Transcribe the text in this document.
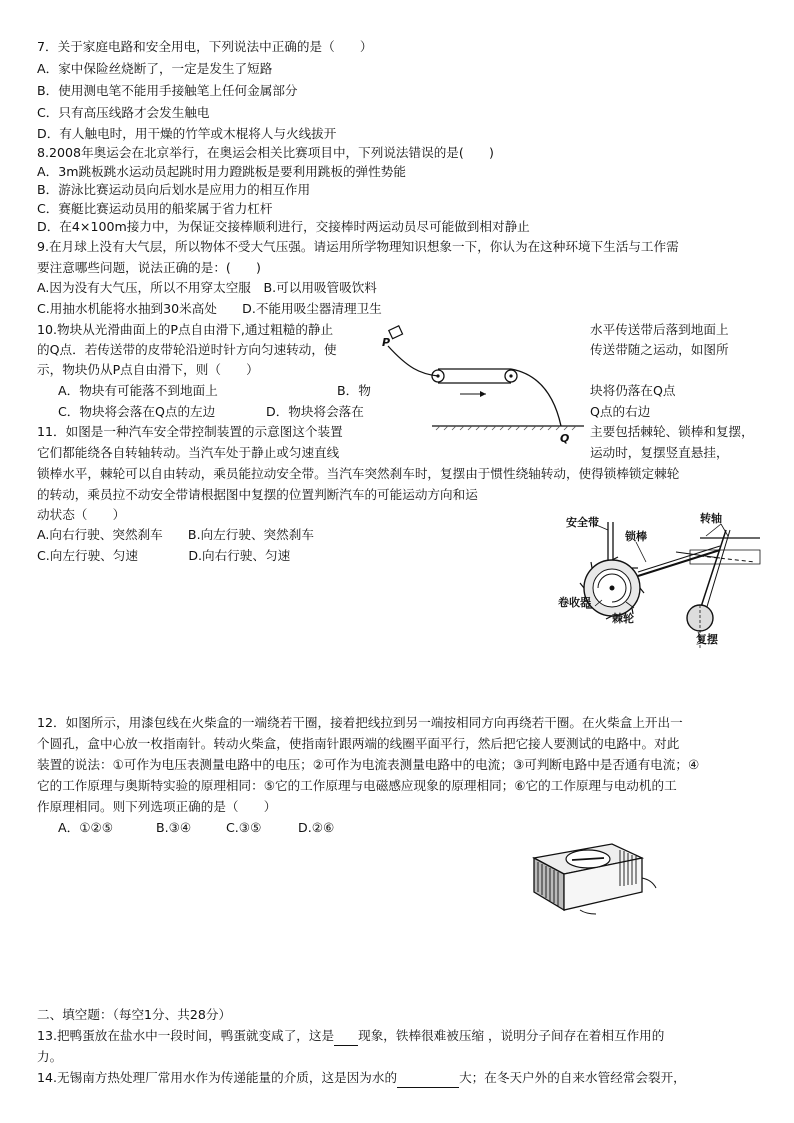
7．关于家庭电路和安全用电，下列说法中正确的是（　　）
A．家中保险丝烧断了，一定是发生了短路
B．使用测电笔不能用手接触笔上任何金属部分
C．只有高压线路才会发生触电
D．有人触电时，用干燥的竹竿或木棍将人与火线拔开
8.2008年奥运会在北京举行，在奥运会相关比赛项目中，下列说法错误的是(　　)
A．3m跳板跳水运动员起跳时用力蹬跳板是要利用跳板的弹性势能
B．游泳比赛运动员向后划水是应用力的相互作用
C．赛艇比赛运动员用的船桨属于省力杠杆
D．在4×100m接力中，为保证交接棒顺利进行，交接棒时两运动员尽可能做到相对静止
9.在月球上没有大气层，所以物体不受大气压强。请运用所学物理知识想象一下，你认为在这种环境下生活与工作需
要注意哪些问题，说法正确的是：(　　)
A.因为没有大气压，所以不用穿太空服　B.可以用吸管吸饮料
C.用抽水机能将水抽到30米高处　　D.不能用吸尘器清理卫生
10.物块从光滑曲面上的P点自由滑下,通过粗糙的静止	水平传送带后落到地面上
的Q点．若传送带的皮带轮沿逆时针方向匀速转动，使	传送带随之运动，如图所
示，物块仍从P点自由滑下，则（　　）
A．物块有可能落不到地面上	B．物	块将仍落在Q点
C．物块将会落在Q点的左边	D．物块将会落在	Q点的右边
P
Q
11．如图是一种汽车安全带控制装置的示意图这个装置	主要包括棘轮、锁棒和复摆，
它们都能绕各自转轴转动。当汽车处于静止或匀速直线	运动时，复摆竖直悬挂，
锁棒水平，棘轮可以自由转动，乘员能拉动安全带。当汽车突然刹车时，复摆由于惯性绕轴转动，使得锁棒锁定棘轮
的转动，乘员拉不动安全带请根据图中复摆的位置判断汽车的可能运动方向和运
动状态（　　）
A.向右行驶、突然刹车　　B.向左行驶、突然刹车
C.向左行驶、匀速　　　　D.向右行驶、匀速
安全带	转轴
锁棒
卷收器
棘轮
复摆
12．如图所示，用漆包线在火柴盒的一端绕若干圈，接着把线拉到另一端按相同方向再绕若干圈。在火柴盒上开出一
个圆孔，盒中心放一枚指南针。转动火柴盒，使指南针跟两端的线圈平面平行，然后把它接人要测试的电路中。对此
装置的说法：①可作为电压表测量电路中的电压；②可作为电流表测量电路中的电流；③可判断电路中是否通有电流；④
它的工作原理与奥斯特实验的原理相同：⑤它的工作原理与电磁感应现象的原理相同；⑥它的工作原理与电动机的工
作原理相同。则下列选项正确的是（　　）
A．①②⑤	B.③④	C.③⑤	D.②⑥
二、填空题：（每空1分、共28分）
13.把鸭蛋放在盐水中一段时间，鸭蛋就变咸了，这是 现象，铁棒很难被压缩 ，说明分子间存在着相互作用的
力。
14.无锡南方热处理厂常用水作为传递能量的介质，这是因为水的	大；在冬天户外的自来水管经常会裂开，
